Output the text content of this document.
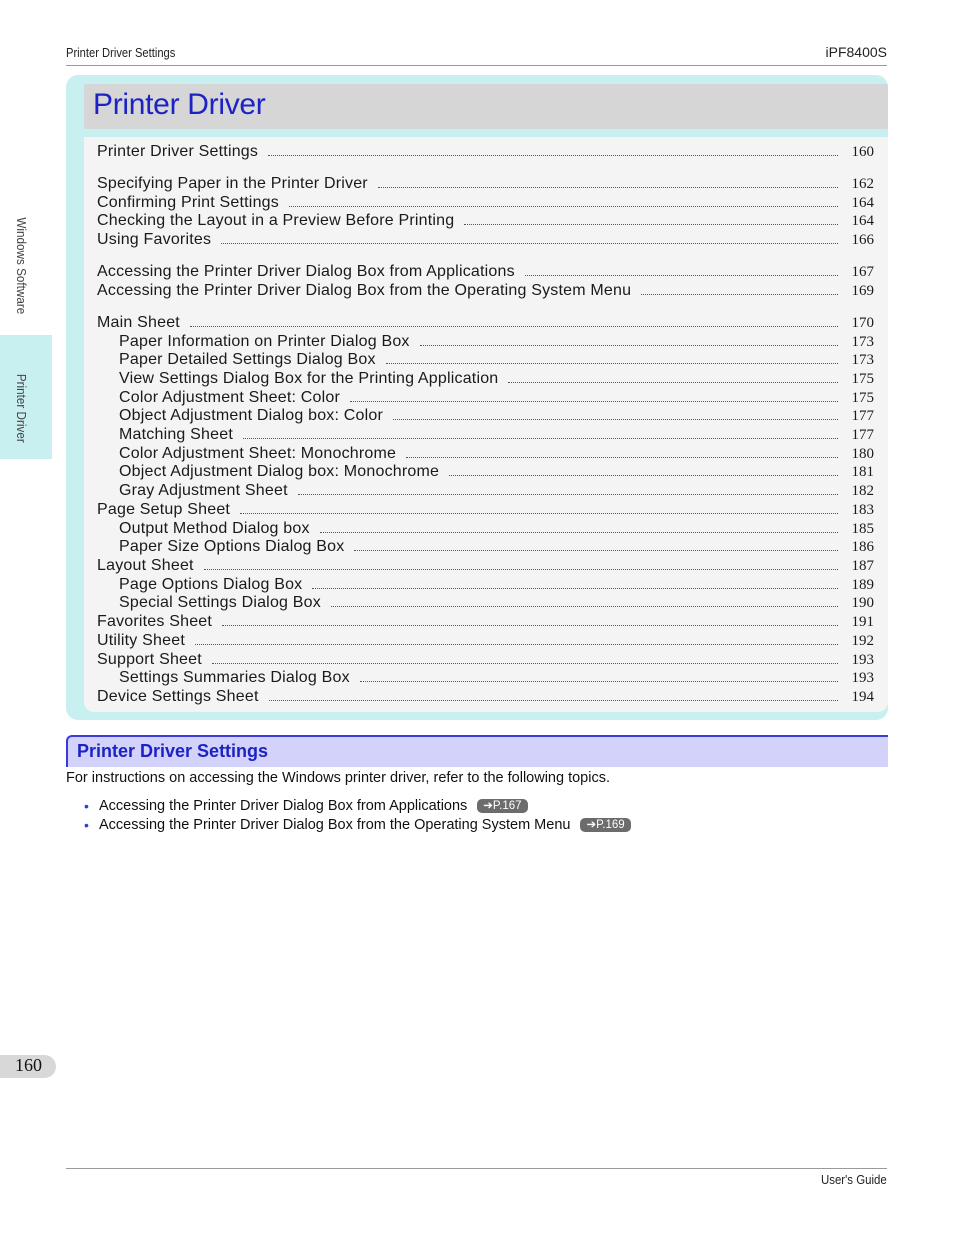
Printer Driver Settings	iPF8400S
Windows Software
Printer Driver
Printer Driver
Printer Driver Settings	160
Specifying Paper in the Printer Driver	162
Confirming Print Settings	164
Checking the Layout in a Preview Before Printing	164
Using Favorites	166
Accessing the Printer Driver Dialog Box from Applications	167
Accessing the Printer Driver Dialog Box from the Operating System Menu	169
Main Sheet	170
Paper Information on Printer Dialog Box	173
Paper Detailed Settings Dialog Box	173
View Settings Dialog Box for the Printing Application	175
Color Adjustment Sheet: Color	175
Object Adjustment Dialog box: Color	177
Matching Sheet	177
Color Adjustment Sheet: Monochrome	180
Object Adjustment Dialog box: Monochrome	181
Gray Adjustment Sheet	182
Page Setup Sheet	183
Output Method Dialog box	185
Paper Size Options Dialog Box	186
Layout Sheet	187
Page Options Dialog Box	189
Special Settings Dialog Box	190
Favorites Sheet	191
Utility Sheet	192
Support Sheet	193
Settings Summaries Dialog Box	193
Device Settings Sheet	194
Printer Driver Settings
For instructions on accessing the Windows printer driver, refer to the following topics.
• Accessing the Printer Driver Dialog Box from Applications	➔P.167
• Accessing the Printer Driver Dialog Box from the Operating System Menu	➔P.169
160
User's Guide
